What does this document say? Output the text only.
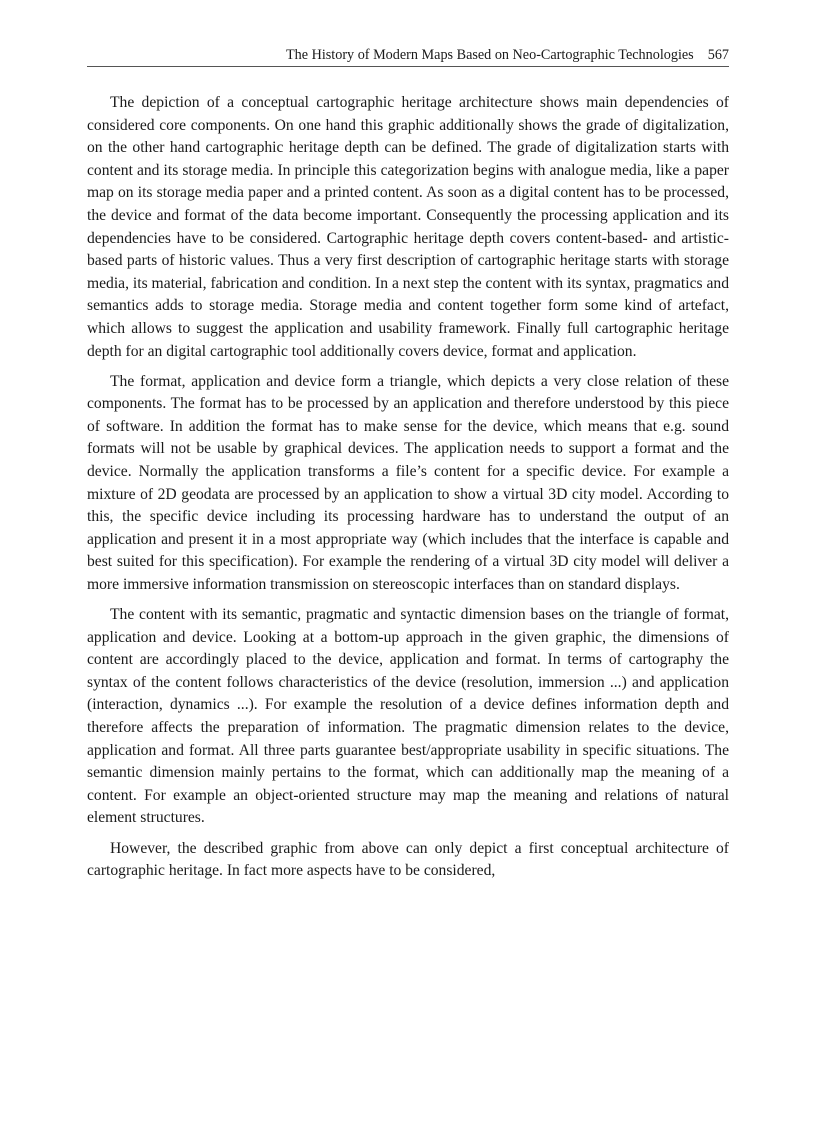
The History of Modern Maps Based on Neo-Cartographic Technologies 567

The depiction of a conceptual cartographic heritage architecture shows main dependencies of considered core components. On one hand this graphic additionally shows the grade of digitalization, on the other hand cartographic heritage depth can be defined. The grade of digitalization starts with content and its storage media. In principle this categorization begins with analogue media, like a paper map on its storage media paper and a printed content. As soon as a digital content has to be processed, the device and format of the data become important. Consequently the processing application and its dependencies have to be considered. Cartographic heritage depth covers content-based- and artistic-based parts of historic values. Thus a very first description of cartographic heritage starts with storage media, its material, fabrication and condition. In a next step the content with its syntax, pragmatics and semantics adds to storage media. Storage media and content together form some kind of artefact, which allows to suggest the application and usability framework. Finally full cartographic heritage depth for an digital cartographic tool additionally covers device, format and application.

The format, application and device form a triangle, which depicts a very close relation of these components. The format has to be processed by an application and therefore understood by this piece of software. In addition the format has to make sense for the device, which means that e.g. sound formats will not be usable by graphical devices. The application needs to support a format and the device. Normally the application transforms a file’s content for a specific device. For example a mixture of 2D geodata are processed by an application to show a virtual 3D city model. According to this, the specific device including its processing hardware has to understand the output of an application and present it in a most appropriate way (which includes that the interface is capable and best suited for this specification). For example the rendering of a virtual 3D city model will deliver a more immersive information transmission on stereoscopic interfaces than on standard displays.

The content with its semantic, pragmatic and syntactic dimension bases on the triangle of format, application and device. Looking at a bottom-up approach in the given graphic, the dimensions of content are accordingly placed to the device, application and format. In terms of cartography the syntax of the content follows characteristics of the device (resolution, immersion ...) and application (interaction, dynamics ...). For example the resolution of a device defines information depth and therefore affects the preparation of information. The pragmatic dimension relates to the device, application and format. All three parts guarantee best/appropriate usability in specific situations. The semantic dimension mainly pertains to the format, which can additionally map the meaning of a content. For example an object-oriented structure may map the meaning and relations of natural element structures.

However, the described graphic from above can only depict a first conceptual architecture of cartographic heritage. In fact more aspects have to be considered,
